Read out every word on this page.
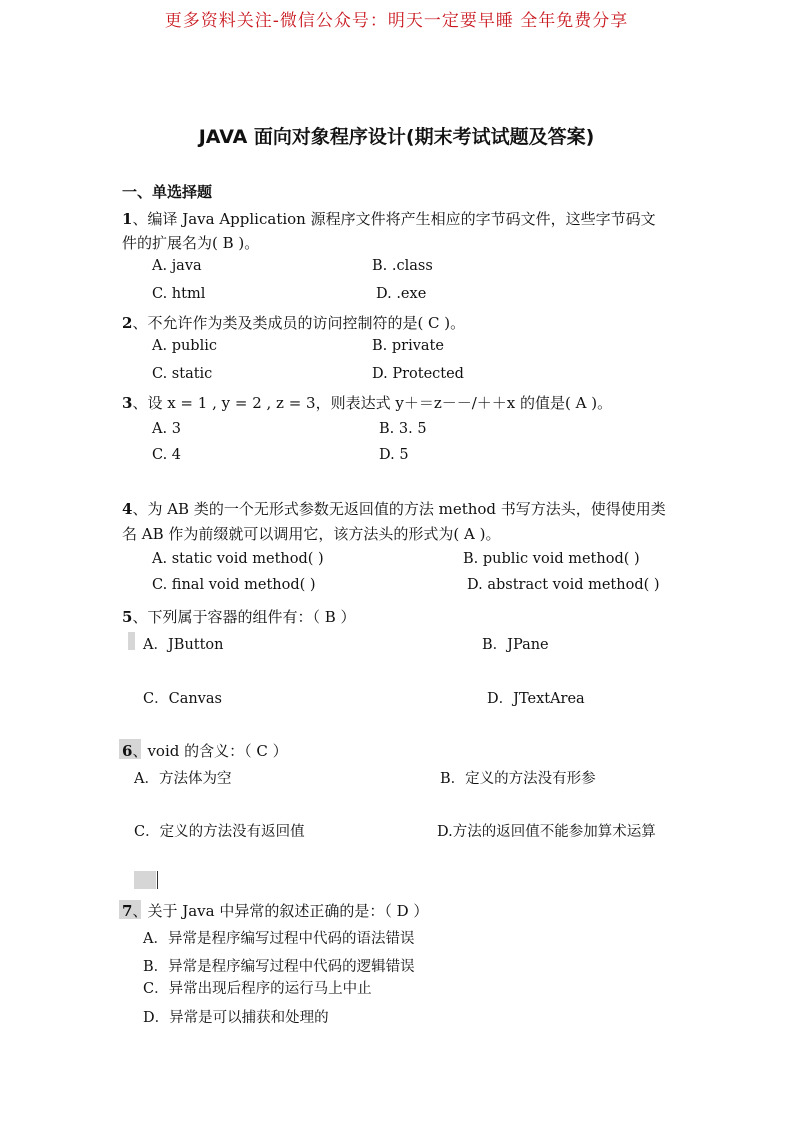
更多资料关注-微信公众号：明天一定要早睡 全年免费分享
JAVA 面向对象程序设计(期末考试试题及答案)
一、单选择题
1、编译 Java Application 源程序文件将产生相应的字节码文件，这些字节码文
件的扩展名为( B )。
A. java	B. .class
C. html	D. .exe
2、不允许作为类及类成员的访问控制符的是( C )。
A. public	B. private
C. static	D. Protected
3、设 x = 1 , y = 2 , z = 3，则表达式 y＋＝z－－/＋＋x 的值是( A )。
A. 3	B. 3. 5
C. 4	D. 5
4、为 AB 类的一个无形式参数无返回值的方法 method 书写方法头，使得使用类
名 AB 作为前缀就可以调用它，该方法头的形式为( A )。
A. static void method( )	B. public void method( )
C. final void method( )	D. abstract void method( )
5、下列属于容器的组件有：（ B ）
A．JButton	B．JPane
C．Canvas	D．JTextArea
6、void 的含义：（ C ）
A．方法体为空	B．定义的方法没有形参
C．定义的方法没有返回值	D.方法的返回值不能参加算术运算
7、关于 Java 中异常的叙述正确的是：（ D ）
A．异常是程序编写过程中代码的语法错误
B．异常是程序编写过程中代码的逻辑错误
C．异常出现后程序的运行马上中止
D．异常是可以捕获和处理的
